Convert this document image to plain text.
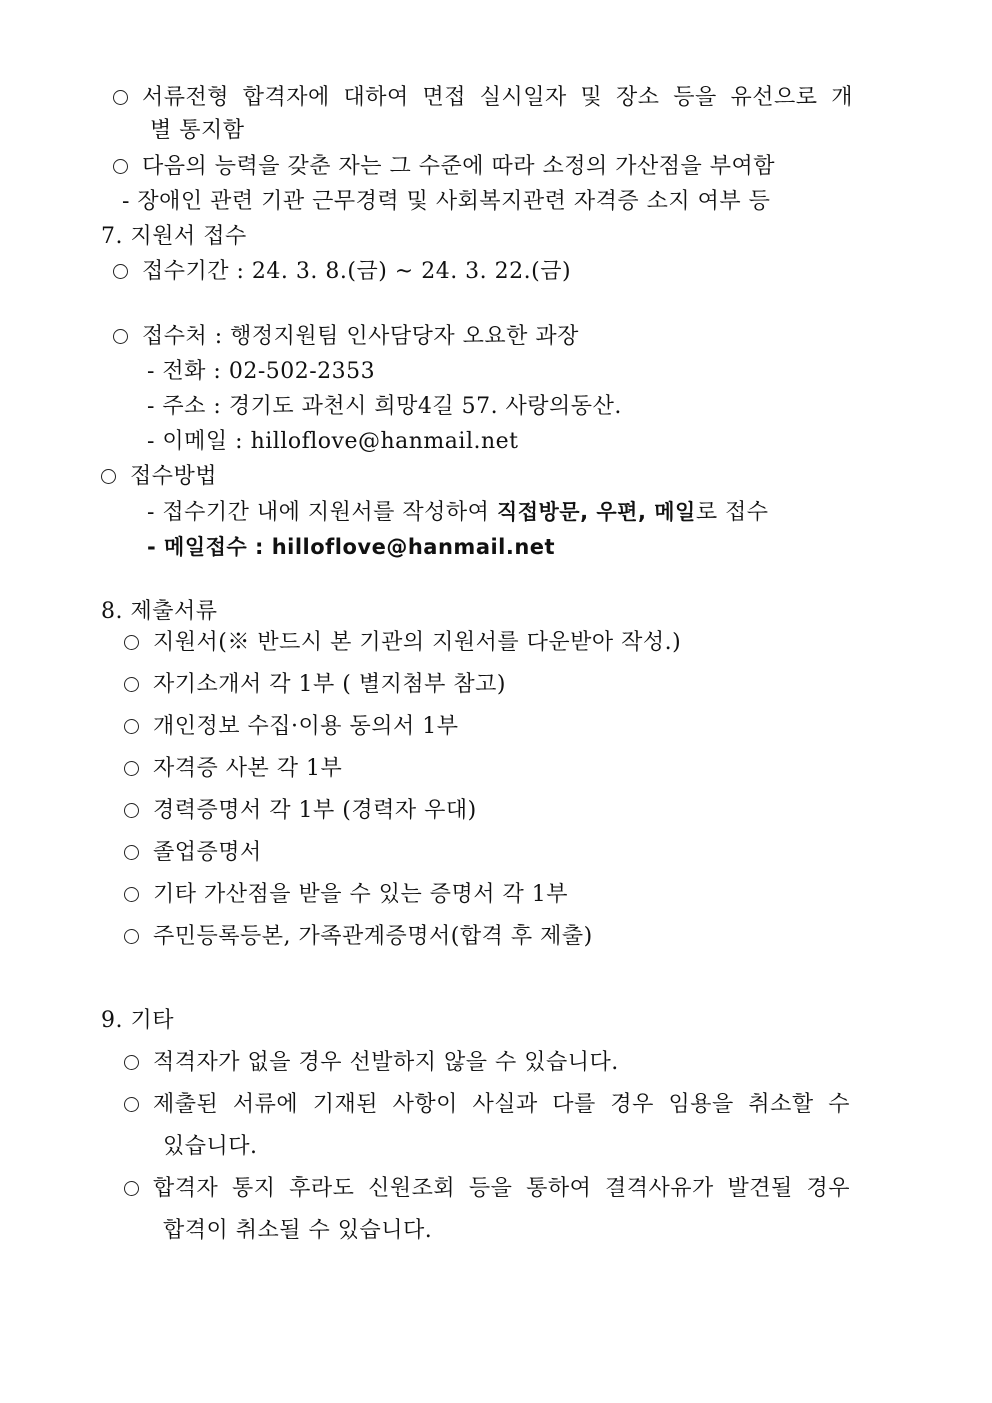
서류전형 합격자에 대하여 면접 실시일자 및 장소 등을 유선으로 개
별 통지함
다음의 능력을 갖춘 자는 그 수준에 따라 소정의 가산점을 부여함
- 장애인 관련 기관 근무경력 및 사회복지관련 자격증 소지 여부 등
7. 지원서 접수
접수기간 : 24. 3. 8.(금) ~ 24. 3. 22.(금)
접수처 : 행정지원팀 인사담당자 오요한 과장
- 전화 : 02-502-2353
- 주소 : 경기도 과천시 희망4길 57. 사랑의동산.
- 이메일 : hilloflove@hanmail.net
접수방법
- 접수기간 내에 지원서를 작성하여 직접방문, 우편, 메일로 접수
- 메일접수 : hilloflove@hanmail.net
8. 제출서류
지원서(※ 반드시 본 기관의 지원서를 다운받아 작성.)
자기소개서 각 1부 ( 별지첨부 참고)
개인정보 수집·이용 동의서 1부
자격증 사본 각 1부
경력증명서 각 1부 (경력자 우대)
졸업증명서
기타 가산점을 받을 수 있는 증명서 각 1부
주민등록등본, 가족관계증명서(합격 후 제출)
9. 기타
적격자가 없을 경우 선발하지 않을 수 있습니다.
제출된 서류에 기재된 사항이 사실과 다를 경우 임용을 취소할 수
있습니다.
합격자 통지 후라도 신원조회 등을 통하여 결격사유가 발견될 경우
합격이 취소될 수 있습니다.
